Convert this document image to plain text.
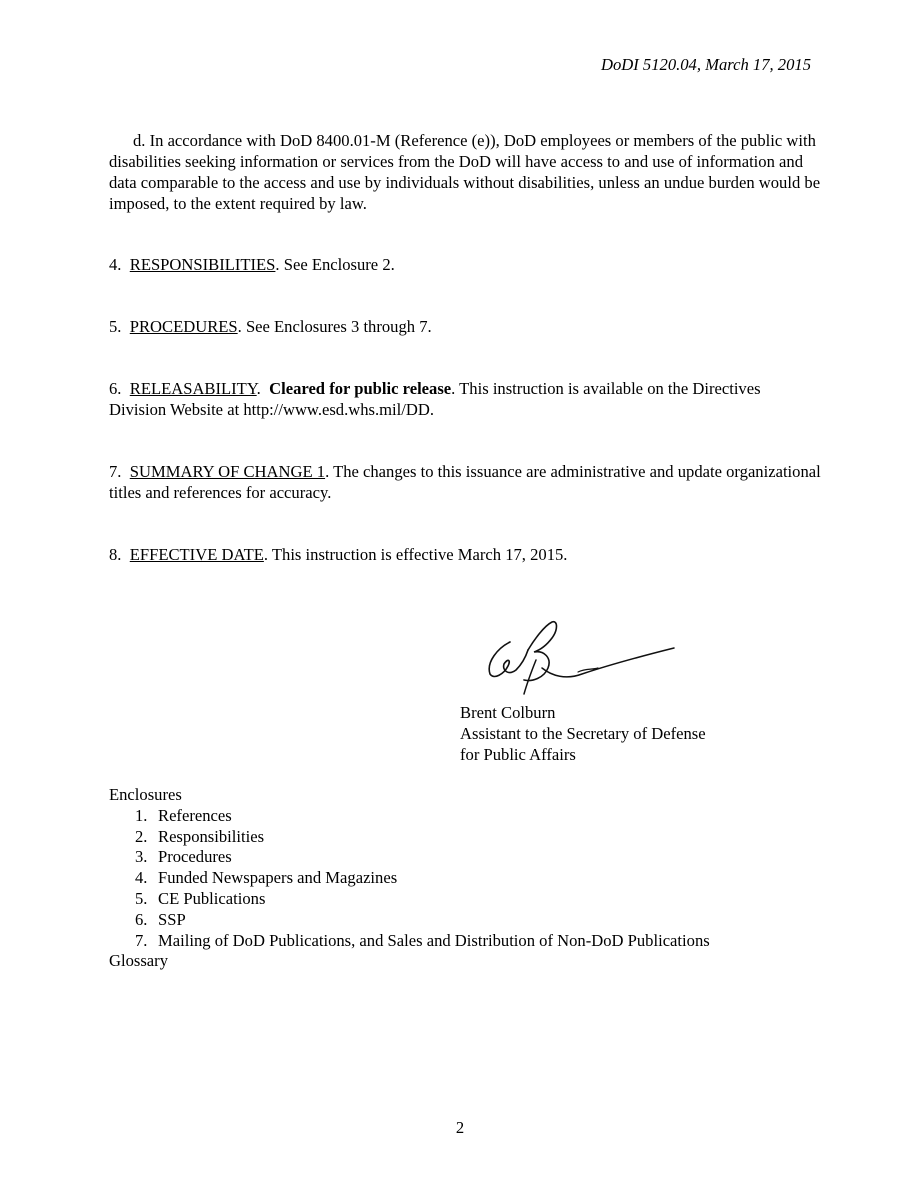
DoDI 5120.04, March 17, 2015
d. In accordance with DoD 8400.01-M (Reference (e)), DoD employees or members of the public with disabilities seeking information or services from the DoD will have access to and use of information and data comparable to the access and use by individuals without disabilities, unless an undue burden would be imposed, to the extent required by law.
4. RESPONSIBILITIES. See Enclosure 2.
5. PROCEDURES. See Enclosures 3 through 7.
6. RELEASABILITY.  Cleared for public release. This instruction is available on the Directives Division Website at http://www.esd.whs.mil/DD.
7. SUMMARY OF CHANGE 1. The changes to this issuance are administrative and update organizational titles and references for accuracy.
8. EFFECTIVE DATE. This instruction is effective March 17, 2015.
Brent Colburn
Assistant to the Secretary of Defense
for Public Affairs
Enclosures
1. References
2. Responsibilities
3. Procedures
4. Funded Newspapers and Magazines
5. CE Publications
6. SSP
7. Mailing of DoD Publications, and Sales and Distribution of Non-DoD Publications
Glossary
2
